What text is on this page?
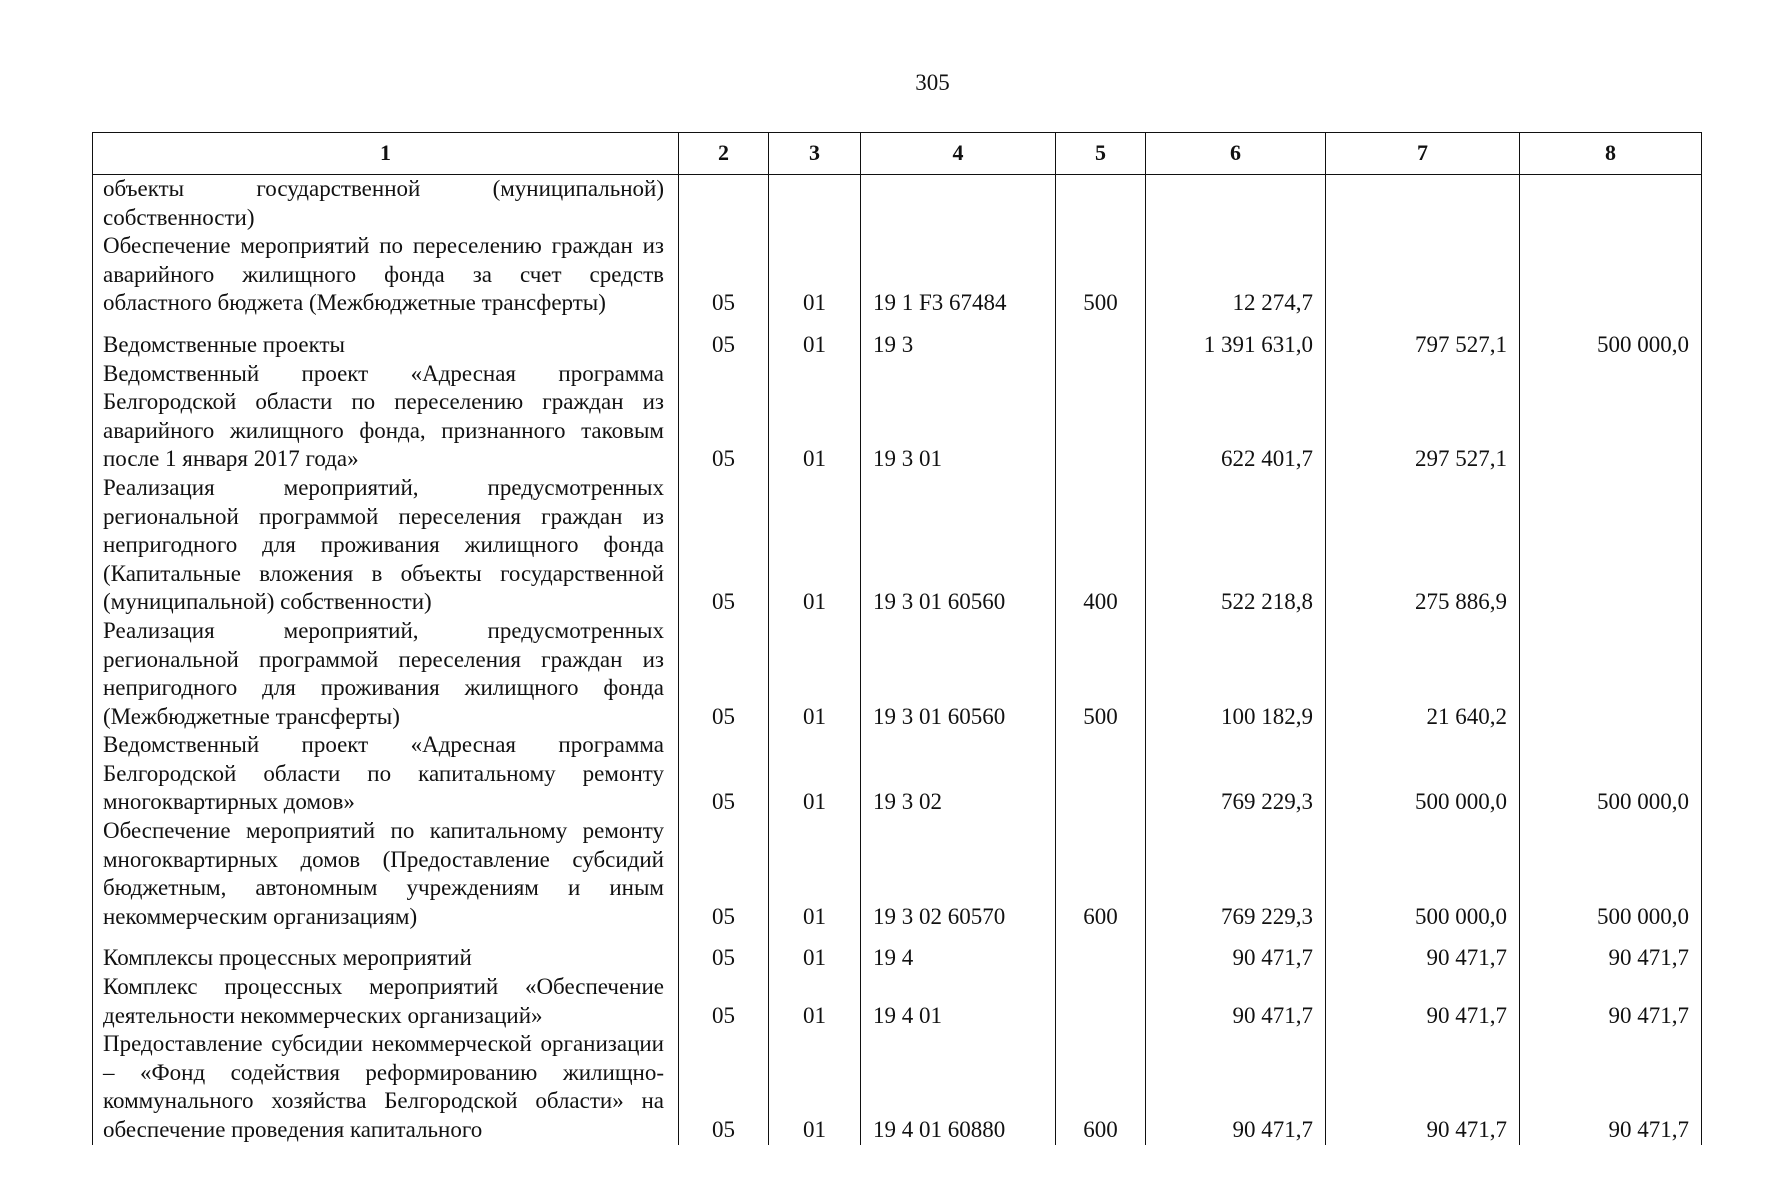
305
1	2	3	4	5	6	7	8
объекты государственной (муниципальной) собственности)							
Обеспечение мероприятий по переселению граждан из аварийного жилищного фонда за счет средств областного бюджета (Межбюджетные трансферты)	05	01	19 1 F3 67484	500	12 274,7		
Ведомственные проекты	05	01	19 3		1 391 631,0	797 527,1	500 000,0
Ведомственный проект «Адресная программа Белгородской области по переселению граждан из аварийного жилищного фонда, признанного таковым после 1 января 2017 года»	05	01	19 3 01		622 401,7	297 527,1	
Реализация мероприятий, предусмотренных региональной программой переселения граждан из непригодного для проживания жилищного фонда (Капитальные вложения в объекты государственной (муниципальной) собственности)	05	01	19 3 01 60560	400	522 218,8	275 886,9	
Реализация мероприятий, предусмотренных региональной программой переселения граждан из непригодного для проживания жилищного фонда (Межбюджетные трансферты)	05	01	19 3 01 60560	500	100 182,9	21 640,2	
Ведомственный проект «Адресная программа Белгородской области по капитальному ремонту многоквартирных домов»	05	01	19 3 02		769 229,3	500 000,0	500 000,0
Обеспечение мероприятий по капитальному ремонту многоквартирных домов (Предоставление субсидий бюджетным, автономным учреждениям и иным некоммерческим организациям)	05	01	19 3 02 60570	600	769 229,3	500 000,0	500 000,0
Комплексы процессных мероприятий	05	01	19 4		90 471,7	90 471,7	90 471,7
Комплекс процессных мероприятий «Обеспечение деятельности некоммерческих организаций»	05	01	19 4 01		90 471,7	90 471,7	90 471,7
Предоставление субсидии некоммерческой организации – «Фонд содействия реформированию жилищно-коммунального хозяйства Белгородской области» на обеспечение проведения капитального	05	01	19 4 01 60880	600	90 471,7	90 471,7	90 471,7
